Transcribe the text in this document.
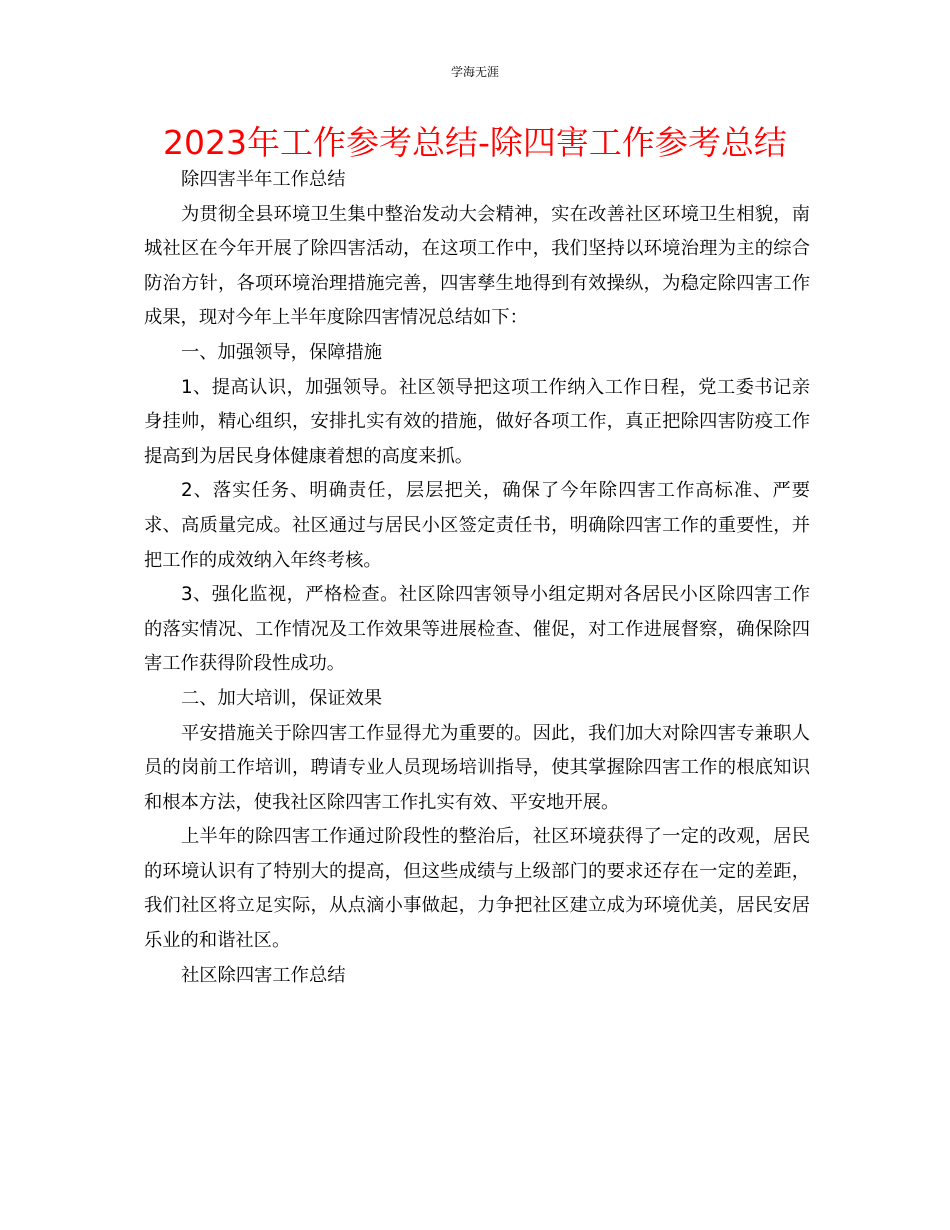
学海无涯
2023年工作参考总结-除四害工作参考总结

除四害半年工作总结

为贯彻全县环境卫生集中整治发动大会精神，实在改善社区环境卫生相貌，南城社区在今年开展了除四害活动，在这项工作中，我们坚持以环境治理为主的综合防治方针，各项环境治理措施完善，四害孳生地得到有效操纵，为稳定除四害工作成果，现对今年上半年度除四害情况总结如下：

一、加强领导，保障措施

1、提高认识，加强领导。社区领导把这项工作纳入工作日程，党工委书记亲身挂帅，精心组织，安排扎实有效的措施，做好各项工作，真正把除四害防疫工作提高到为居民身体健康着想的高度来抓。

2、落实任务、明确责任，层层把关，确保了今年除四害工作高标准、严要求、高质量完成。社区通过与居民小区签定责任书，明确除四害工作的重要性，并把工作的成效纳入年终考核。

3、强化监视，严格检查。社区除四害领导小组定期对各居民小区除四害工作的落实情况、工作情况及工作效果等进展检查、催促，对工作进展督察，确保除四害工作获得阶段性成功。

二、加大培训，保证效果

平安措施关于除四害工作显得尤为重要的。因此，我们加大对除四害专兼职人员的岗前工作培训，聘请专业人员现场培训指导，使其掌握除四害工作的根底知识和根本方法，使我社区除四害工作扎实有效、平安地开展。

上半年的除四害工作通过阶段性的整治后，社区环境获得了一定的改观，居民的环境认识有了特别大的提高，但这些成绩与上级部门的要求还存在一定的差距，我们社区将立足实际，从点滴小事做起，力争把社区建立成为环境优美，居民安居乐业的和谐社区。

社区除四害工作总结
